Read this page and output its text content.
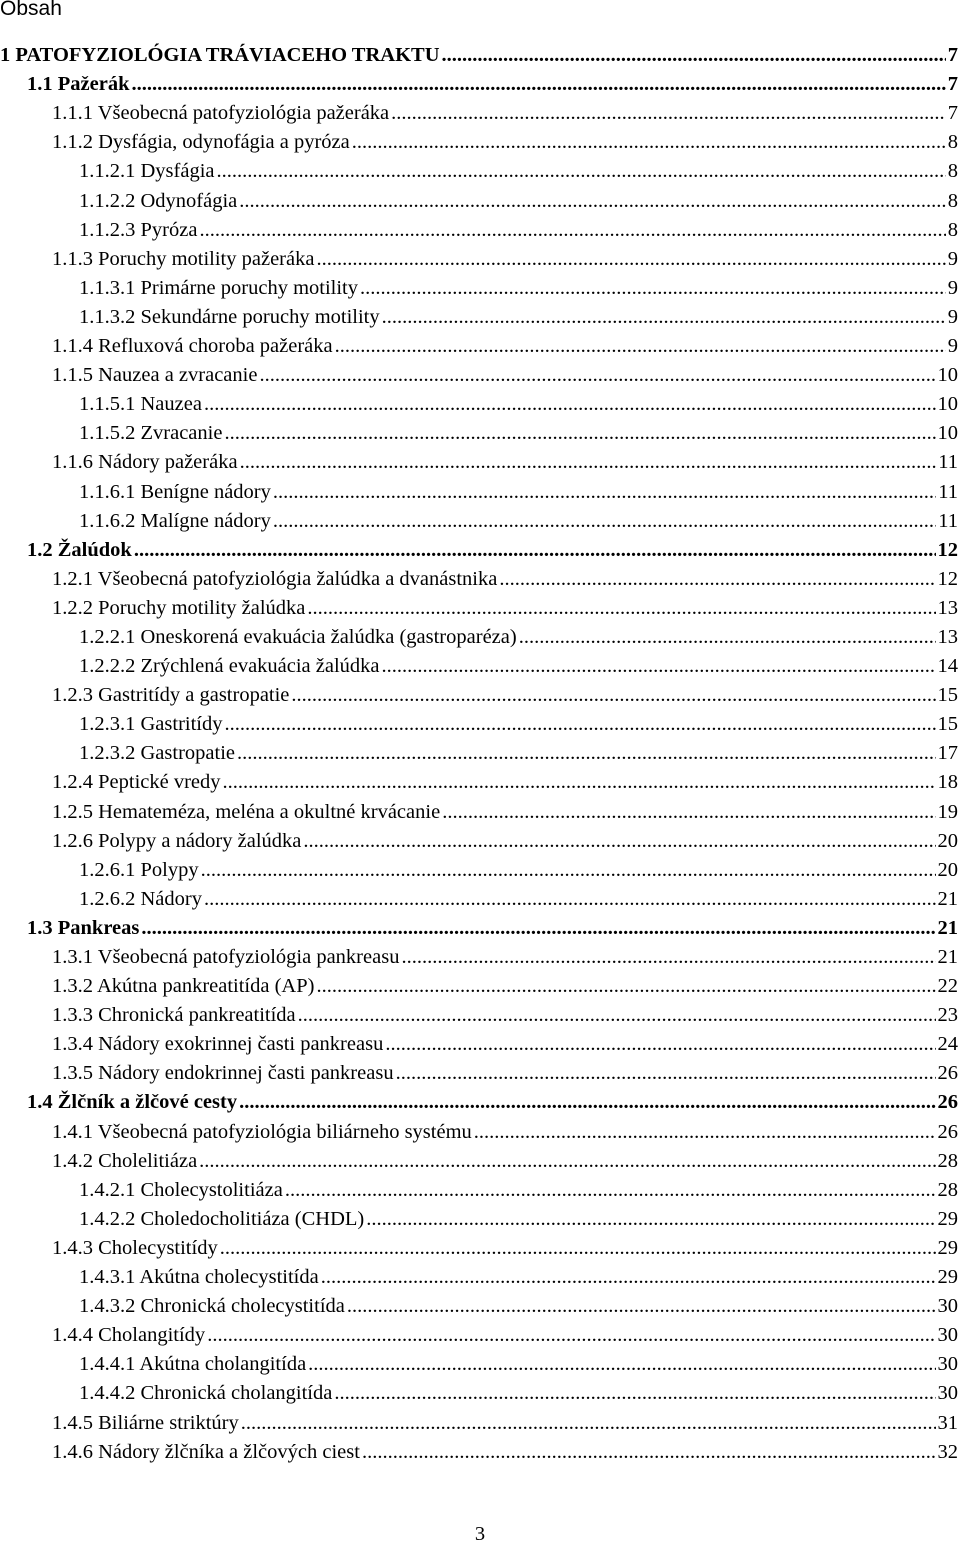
Obsah
1 PATOFYZIOLÓGIA TRÁVIACEHO TRAKTU .....	7
1.1 Pažerák .....	7
1.1.1 Všeobecná patofyziológia pažeráka .....	7
1.1.2 Dysfágia, odynofágia a pyróza .....	8
1.1.2.1 Dysfágia .....	8
1.1.2.2 Odynofágia .....	8
1.1.2.3 Pyróza .....	8
1.1.3 Poruchy motility pažeráka .....	9
1.1.3.1 Primárne poruchy motility .....	9
1.1.3.2 Sekundárne poruchy motility .....	9
1.1.4 Refluxová choroba pažeráka .....	9
1.1.5 Nauzea a zvracanie .....	10
1.1.5.1 Nauzea .....	10
1.1.5.2 Zvracanie .....	10
1.1.6 Nádory pažeráka .....	11
1.1.6.1 Benígne nádory .....	11
1.1.6.2 Malígne nádory .....	11
1.2 Žalúdok .....	12
1.2.1 Všeobecná patofyziológia žalúdka a dvanástnika .....	12
1.2.2 Poruchy motility žalúdka .....	13
1.2.2.1 Oneskorená evakuácia žalúdka (gastroparéza) .....	13
1.2.2.2 Zrýchlená evakuácia žalúdka .....	14
1.2.3 Gastritídy a gastropatie .....	15
1.2.3.1 Gastritídy .....	15
1.2.3.2 Gastropatie .....	17
1.2.4 Peptické vredy .....	18
1.2.5 Hemateméza, meléna a okultné krvácanie .....	19
1.2.6 Polypy a nádory žalúdka .....	20
1.2.6.1 Polypy .....	20
1.2.6.2 Nádory .....	21
1.3 Pankreas .....	21
1.3.1 Všeobecná patofyziológia pankreasu .....	21
1.3.2 Akútna pankreatitída (AP) .....	22
1.3.3 Chronická pankreatitída .....	23
1.3.4 Nádory exokrinnej časti pankreasu .....	24
1.3.5 Nádory endokrinnej časti pankreasu .....	26
1.4 Žlčník a žlčové cesty .....	26
1.4.1 Všeobecná patofyziológia biliárneho systému .....	26
1.4.2 Cholelitiáza .....	28
1.4.2.1 Cholecystolitiáza .....	28
1.4.2.2 Choledocholitiáza (CHDL) .....	29
1.4.3 Cholecystitídy .....	29
1.4.3.1 Akútna cholecystitída .....	29
1.4.3.2 Chronická cholecystitída .....	30
1.4.4 Cholangitídy .....	30
1.4.4.1 Akútna cholangitída .....	30
1.4.4.2 Chronická cholangitída .....	30
1.4.5 Biliárne striktúry .....	31
1.4.6 Nádory žlčníka a žlčových ciest .....	32
3
